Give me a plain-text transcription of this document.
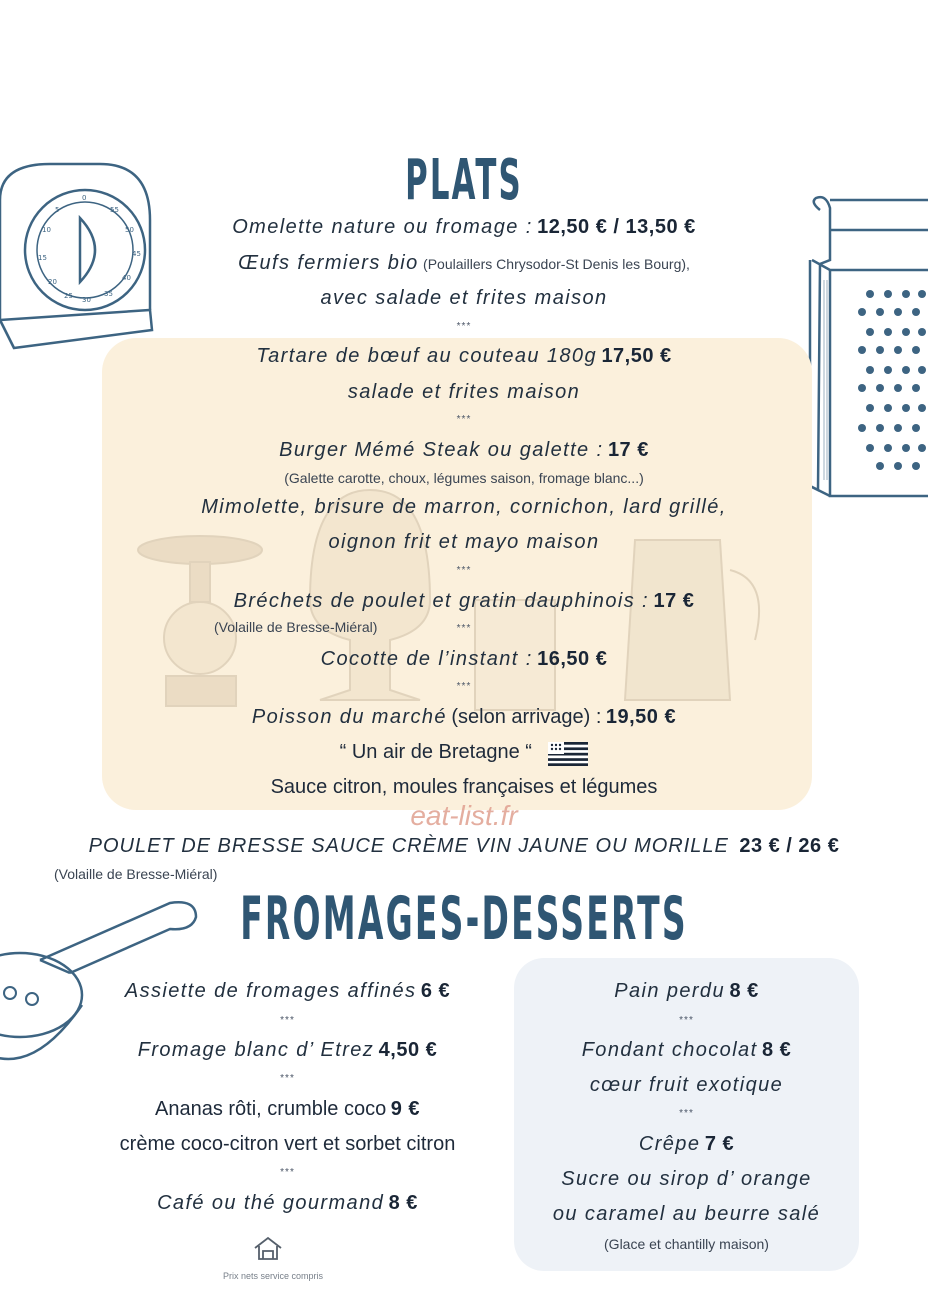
0
55
50
45
40
5
10
15
20
25 30
35
PLATS
Omelette nature ou fromage : 12,50 € / 13,50 €
Œufs fermiers bio (Poulaillers Chrysodor-St Denis les Bourg),
avec salade et frites maison
***
Tartare de bœuf au couteau 180g 17,50 €
salade et frites maison
***
Burger Mémé Steak ou galette : 17 €
(Galette carotte, choux, légumes saison, fromage blanc...)
Mimolette, brisure de marron, cornichon, lard grillé,
oignon frit et mayo maison
***
Bréchets de poulet et gratin dauphinois : 17 €
(Volaille de Bresse-Miéral)	***
Cocotte de l’instant : 16,50 €
***
Poisson du marché (selon arrivage) : 19,50 €
“ Un air de Bretagne “
Sauce citron, moules françaises et légumes
eat-list.fr
POULET DE BRESSE SAUCE CRÈME VIN JAUNE OU MORILLE 23 € / 26 €
(Volaille de Bresse-Miéral)
FROMAGES-DESSERTS
Assiette de fromages affinés 6 €
***
Fromage blanc d’ Etrez 4,50 €
***
Ananas rôti, crumble coco 9 €
crème coco-citron vert et sorbet citron
***
Café ou thé gourmand 8 €
Pain perdu 8 €
***
Fondant chocolat 8 €
cœur fruit exotique
***
Crêpe 7 €
Sucre ou sirop d’ orange
ou caramel au beurre salé
(Glace et chantilly maison)
Prix nets service compris
